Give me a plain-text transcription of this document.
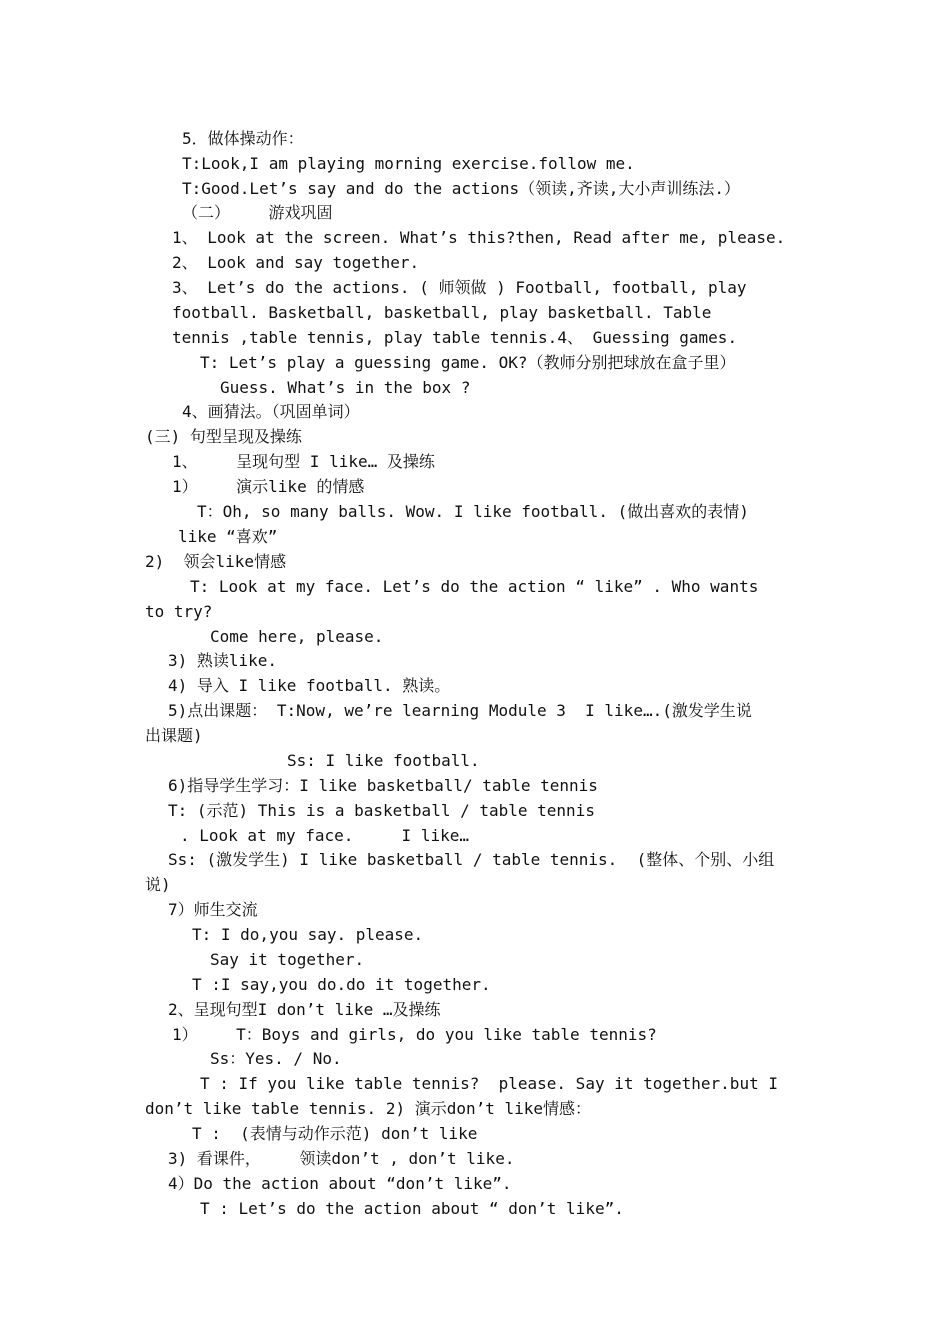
5．做体操动作：
T:Look,I am playing morning exercise.follow me.
T:Good.Let’s say and do the actions（领读,齐读,大小声训练法.）
（二）    游戏巩固
1、 Look at the screen. What’s this?then, Read after me, please.
2、 Look and say together.
3、 Let’s do the actions. ( 师领做 ) Football, football, play
football. Basketball, basketball, play basketball. Table
tennis ,table tennis, play table tennis.4、 Guessing games.
T: Let’s play a guessing game. OK?（教师分别把球放在盒子里）
Guess. What’s in the box ?
4、画猜法。（巩固单词）
(三) 句型呈现及操练
1、    呈现句型 I like… 及操练
1）    演示like 的情感
T：Oh, so many balls. Wow. I like football. (做出喜欢的表情)
like “喜欢”
2)  领会like情感
T: Look at my face. Let’s do the action “ like” . Who wants
to try?
Come here, please.
3) 熟读like.
4) 导入 I like football. 熟读。
5)点出课题： T:Now, we’re learning Module 3  I like….(激发学生说
出课题)
Ss: I like football.
6)指导学生学习：I like basketball/ table tennis
T: (示范) This is a basketball / table tennis
. Look at my face.     I like…
Ss: (激发学生) I like basketball / table tennis.  (整体、个别、小组
说)
7）师生交流
T: I do,you say. please.
Say it together.
T :I say,you do.do it together.
2、呈现句型I don’t like …及操练
1）    T：Boys and girls, do you like table tennis?
Ss：Yes. / No.
T : If you like table tennis?  please. Say it together.but I
don’t like table tennis. 2) 演示don’t like情感：
T :  (表情与动作示范) don’t like
3) 看课件，    领读don’t , don’t like.
4）Do the action about “don’t like”.
T : Let’s do the action about “ don’t like”.
